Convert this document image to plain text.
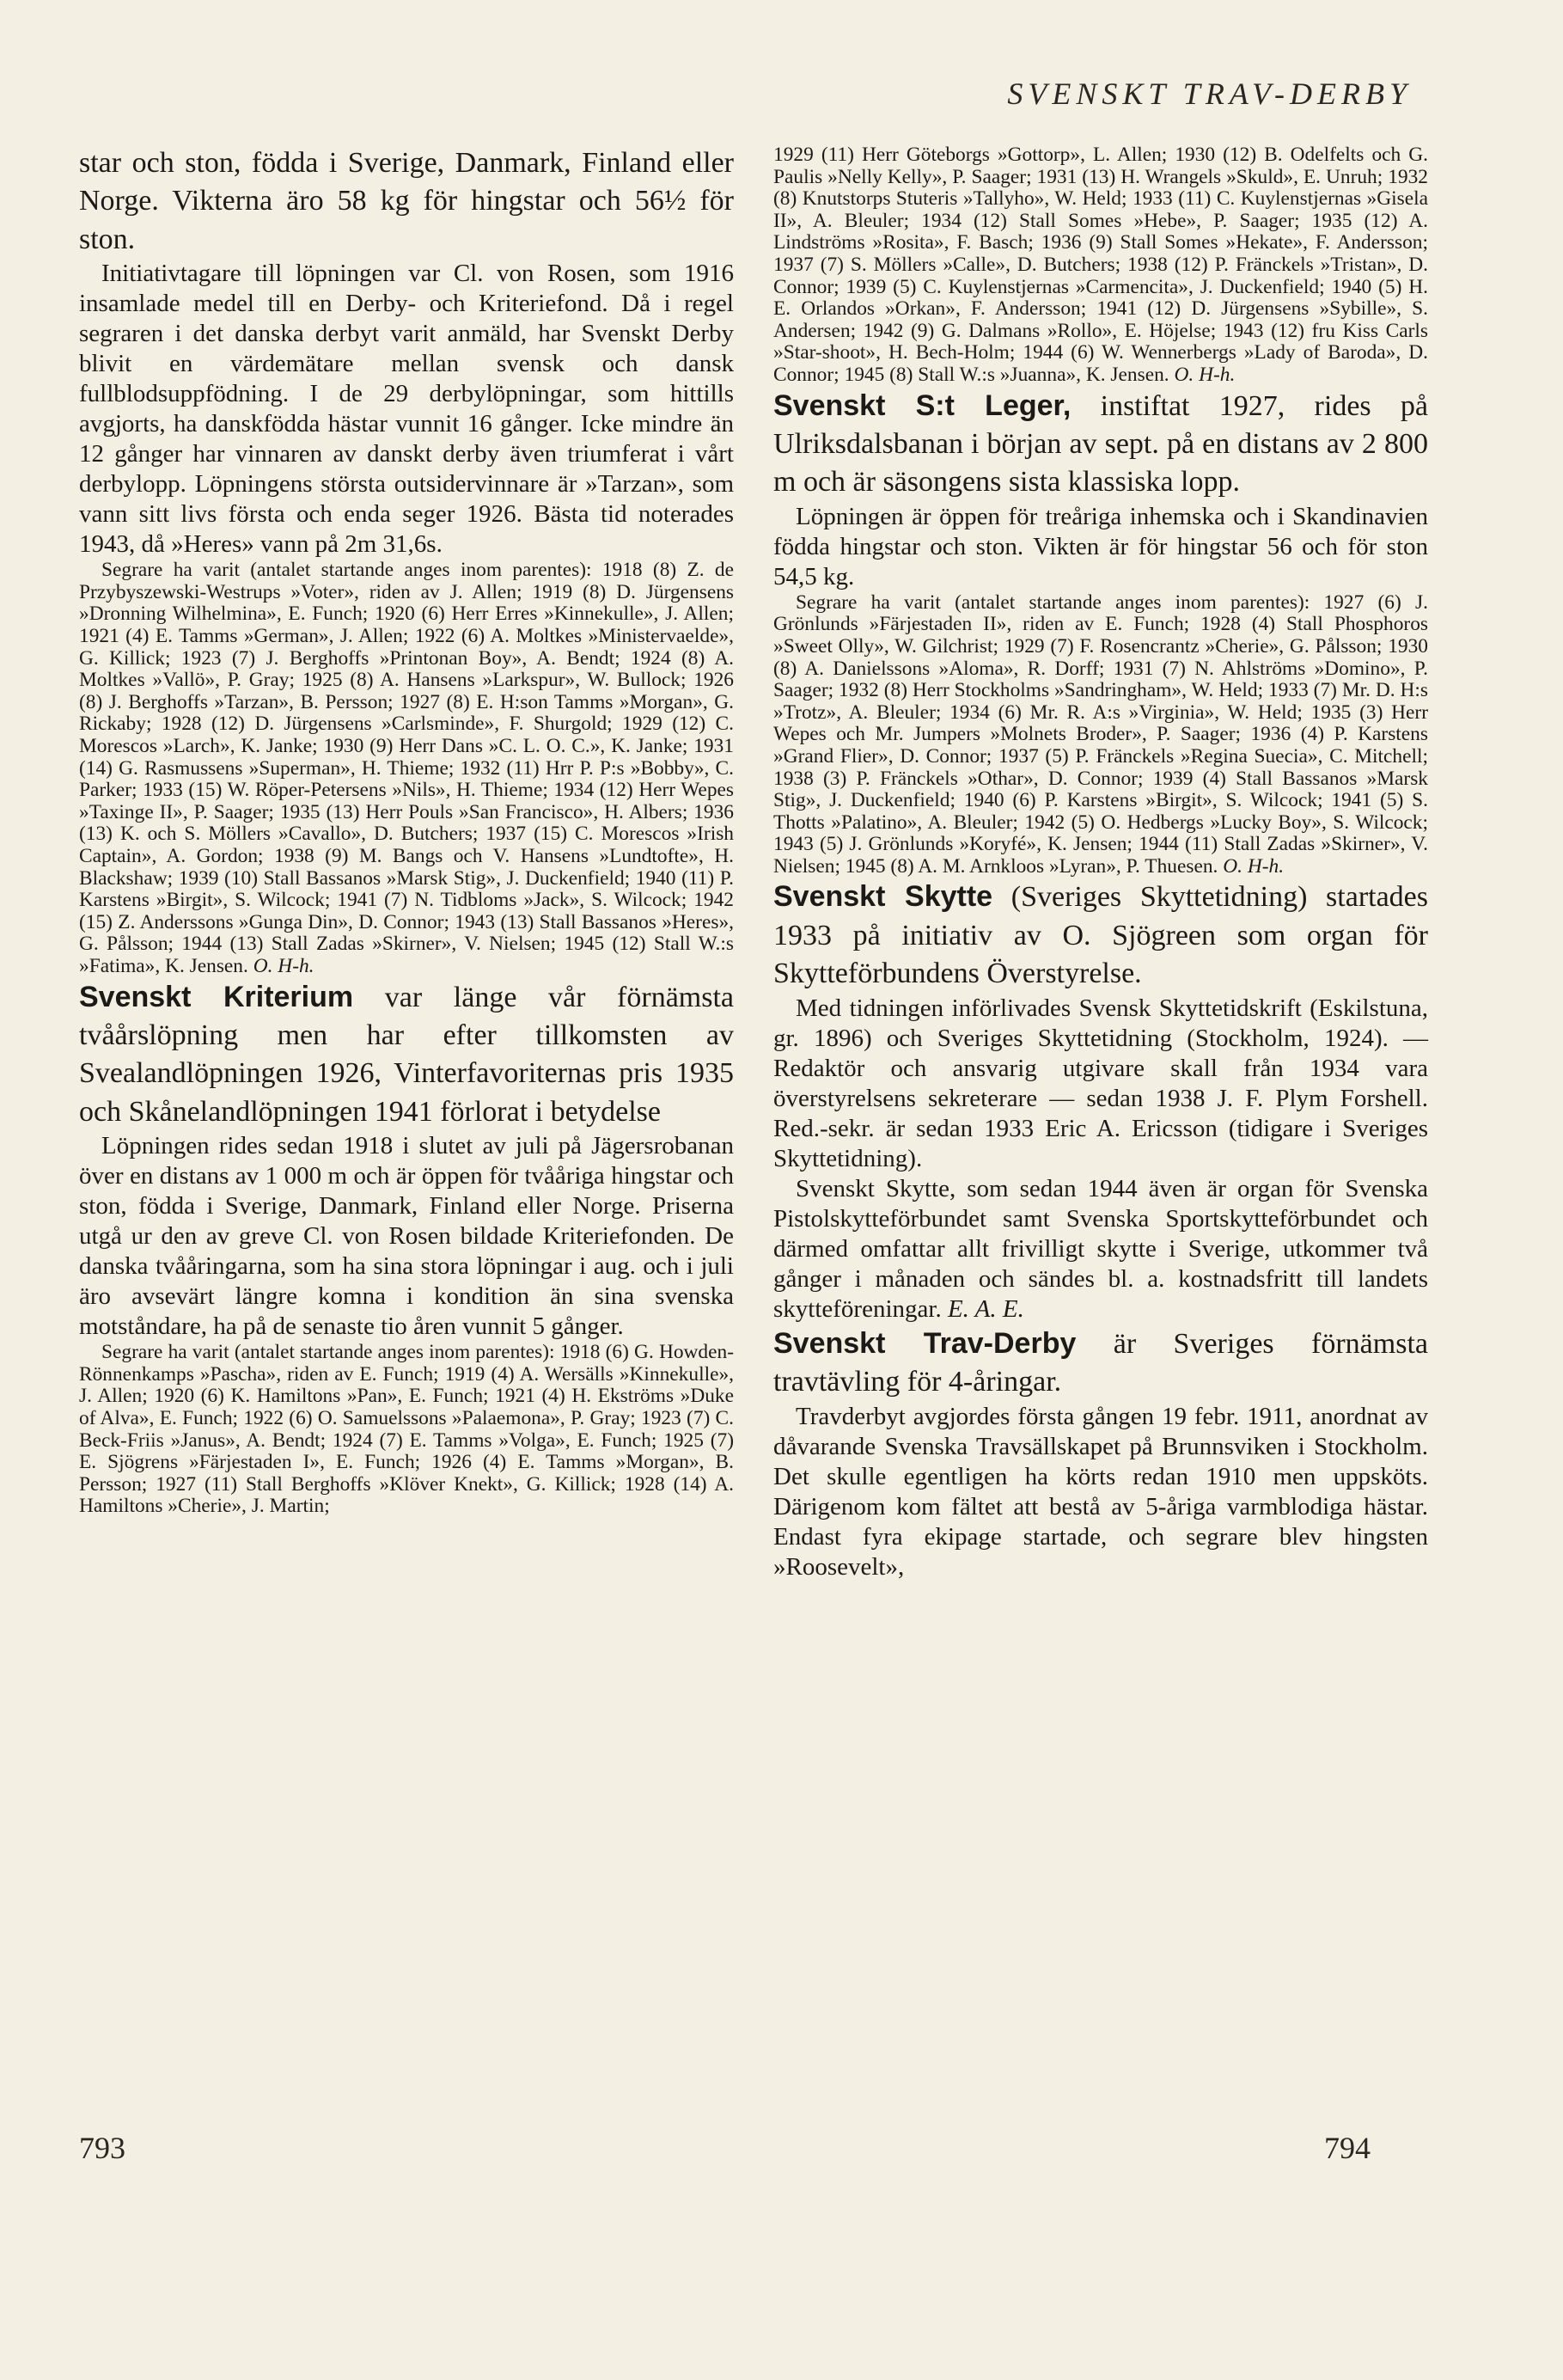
SVENSKT TRAV-DERBY

star och ston, födda i Sverige, Danmark, Finland eller Norge. Vikterna äro 58 kg för hingstar och 56½ för ston.

Initiativtagare till löpningen var Cl. von Rosen, som 1916 insamlade medel till en Derby- och Kriteriefond. Då i regel segraren i det danska derbyt varit anmäld, har Svenskt Derby blivit en värdemätare mellan svensk och dansk fullblodsuppfödning. I de 29 derbylöpningar, som hittills avgjorts, ha danskfödda hästar vunnit 16 gånger. Icke mindre än 12 gånger har vinnaren av danskt derby även triumferat i vårt derbylopp. Löpningens största outsidervinnare är »Tarzan», som vann sitt livs första och enda seger 1926. Bästa tid noterades 1943, då »Heres» vann på 2m 31,6s.

Segrare ha varit (antalet startande anges inom parentes): 1918 (8) Z. de Przybyszewski-Westrups »Voter», riden av J. Allen; 1919 (8) D. Jürgensens »Dronning Wilhelmina», E. Funch; 1920 (6) Herr Erres »Kinnekulle», J. Allen; 1921 (4) E. Tamms »German», J. Allen; 1922 (6) A. Moltkes »Ministervaelde», G. Killick; 1923 (7) J. Berghoffs »Printonan Boy», A. Bendt; 1924 (8) A. Moltkes »Vallö», P. Gray; 1925 (8) A. Hansens »Larkspur», W. Bullock; 1926 (8) J. Berghoffs »Tarzan», B. Persson; 1927 (8) E. H:son Tamms »Morgan», G. Rickaby; 1928 (12) D. Jürgensens »Carlsminde», F. Shurgold; 1929 (12) C. Morescos »Larch», K. Janke; 1930 (9) Herr Dans »C. L. O. C.», K. Janke; 1931 (14) G. Rasmussens »Superman», H. Thieme; 1932 (11) Hrr P. P:s »Bobby», C. Parker; 1933 (15) W. Röper-Petersens »Nils», H. Thieme; 1934 (12) Herr Wepes »Taxinge II», P. Saager; 1935 (13) Herr Pouls »San Francisco», H. Albers; 1936 (13) K. och S. Möllers »Cavallo», D. Butchers; 1937 (15) C. Morescos »Irish Captain», A. Gordon; 1938 (9) M. Bangs och V. Hansens »Lundtofte», H. Blackshaw; 1939 (10) Stall Bassanos »Marsk Stig», J. Duckenfield; 1940 (11) P. Karstens »Birgit», S. Wilcock; 1941 (7) N. Tidbloms »Jack», S. Wilcock; 1942 (15) Z. Anderssons »Gunga Din», D. Connor; 1943 (13) Stall Bassanos »Heres», G. Pålsson; 1944 (13) Stall Zadas »Skirner», V. Nielsen; 1945 (12) Stall W.:s »Fatima», K. Jensen. O. H-h.

Svenskt Kriterium var länge vår förnämsta tvåårslöpning men har efter tillkomsten av Svealandlöpningen 1926, Vinterfavoriternas pris 1935 och Skånelandlöpningen 1941 förlorat i betydelse

Löpningen rides sedan 1918 i slutet av juli på Jägersrobanan över en distans av 1 000 m och är öppen för tvååriga hingstar och ston, födda i Sverige, Danmark, Finland eller Norge. Priserna utgå ur den av greve Cl. von Rosen bildade Kriteriefonden. De danska tvååringarna, som ha sina stora löpningar i aug. och i juli äro avsevärt längre komna i kondition än sina svenska motståndare, ha på de senaste tio åren vunnit 5 gånger.

Segrare ha varit (antalet startande anges inom parentes): 1918 (6) G. Howden-Rönnenkamps »Pascha», riden av E. Funch; 1919 (4) A. Wersälls »Kinnekulle», J. Allen; 1920 (6) K. Hamiltons »Pan», E. Funch; 1921 (4) H. Ekströms »Duke of Alva», E. Funch; 1922 (6) O. Samuelssons »Palaemona», P. Gray; 1923 (7) C. Beck-Friis »Janus», A. Bendt; 1924 (7) E. Tamms »Volga», E. Funch; 1925 (7) E. Sjögrens »Färjestaden I», E. Funch; 1926 (4) E. Tamms »Morgan», B. Persson; 1927 (11) Stall Berghoffs »Klöver Knekt», G. Killick; 1928 (14) A. Hamiltons »Cherie», J. Martin;

1929 (11) Herr Göteborgs »Gottorp», L. Allen; 1930 (12) B. Odelfelts och G. Paulis »Nelly Kelly», P. Saager; 1931 (13) H. Wrangels »Skuld», E. Unruh; 1932 (8) Knutstorps Stuteris »Tallyho», W. Held; 1933 (11) C. Kuylenstjernas »Gisela II», A. Bleuler; 1934 (12) Stall Somes »Hebe», P. Saager; 1935 (12) A. Lindströms »Rosita», F. Basch; 1936 (9) Stall Somes »Hekate», F. Andersson; 1937 (7) S. Möllers »Calle», D. Butchers; 1938 (12) P. Fränckels »Tristan», D. Connor; 1939 (5) C. Kuylenstjernas »Carmencita», J. Duckenfield; 1940 (5) H. E. Orlandos »Orkan», F. Andersson; 1941 (12) D. Jürgensens »Sybille», S. Andersen; 1942 (9) G. Dalmans »Rollo», E. Höjelse; 1943 (12) fru Kiss Carls »Star-shoot», H. Bech-Holm; 1944 (6) W. Wennerbergs »Lady of Baroda», D. Connor; 1945 (8) Stall W.:s »Juanna», K. Jensen. O. H-h.

Svenskt S:t Leger, instiftat 1927, rides på Ulriksdalsbanan i början av sept. på en distans av 2 800 m och är säsongens sista klassiska lopp.

Löpningen är öppen för treåriga inhemska och i Skandinavien födda hingstar och ston. Vikten är för hingstar 56 och för ston 54,5 kg.

Segrare ha varit (antalet startande anges inom parentes): 1927 (6) J. Grönlunds »Färjestaden II», riden av E. Funch; 1928 (4) Stall Phosphoros »Sweet Olly», W. Gilchrist; 1929 (7) F. Rosencrantz »Cherie», G. Pålsson; 1930 (8) A. Danielssons »Aloma», R. Dorff; 1931 (7) N. Ahlströms »Domino», P. Saager; 1932 (8) Herr Stockholms »Sandringham», W. Held; 1933 (7) Mr. D. H:s »Trotz», A. Bleuler; 1934 (6) Mr. R. A:s »Virginia», W. Held; 1935 (3) Herr Wepes och Mr. Jumpers »Molnets Broder», P. Saager; 1936 (4) P. Karstens »Grand Flier», D. Connor; 1937 (5) P. Fränckels »Regina Suecia», C. Mitchell; 1938 (3) P. Fränckels »Othar», D. Connor; 1939 (4) Stall Bassanos »Marsk Stig», J. Duckenfield; 1940 (6) P. Karstens »Birgit», S. Wilcock; 1941 (5) S. Thotts »Palatino», A. Bleuler; 1942 (5) O. Hedbergs »Lucky Boy», S. Wilcock; 1943 (5) J. Grönlunds »Koryfé», K. Jensen; 1944 (11) Stall Zadas »Skirner», V. Nielsen; 1945 (8) A. M. Arnkloos »Lyran», P. Thuesen. O. H-h.

Svenskt Skytte (Sveriges Skyttetidning) startades 1933 på initiativ av O. Sjögreen som organ för Skytteförbundens Överstyrelse.

Med tidningen införlivades Svensk Skyttetidskrift (Eskilstuna, gr. 1896) och Sveriges Skyttetidning (Stockholm, 1924). — Redaktör och ansvarig utgivare skall från 1934 vara överstyrelsens sekreterare — sedan 1938 J. F. Plym Forshell. Red.-sekr. är sedan 1933 Eric A. Ericsson (tidigare i Sveriges Skyttetidning).

Svenskt Skytte, som sedan 1944 även är organ för Svenska Pistolskytteförbundet samt Svenska Sportskytteförbundet och därmed omfattar allt frivilligt skytte i Sverige, utkommer två gånger i månaden och sändes bl. a. kostnadsfritt till landets skytteföreningar. E. A. E.

Svenskt Trav-Derby är Sveriges förnämsta travtävling för 4-åringar.

Travderbyt avgjordes första gången 19 febr. 1911, anordnat av dåvarande Svenska Travsällskapet på Brunnsviken i Stockholm. Det skulle egentligen ha körts redan 1910 men uppsköts. Därigenom kom fältet att bestå av 5-åriga varmblodiga hästar. Endast fyra ekipage startade, och segrare blev hingsten »Roosevelt»,

793	794
